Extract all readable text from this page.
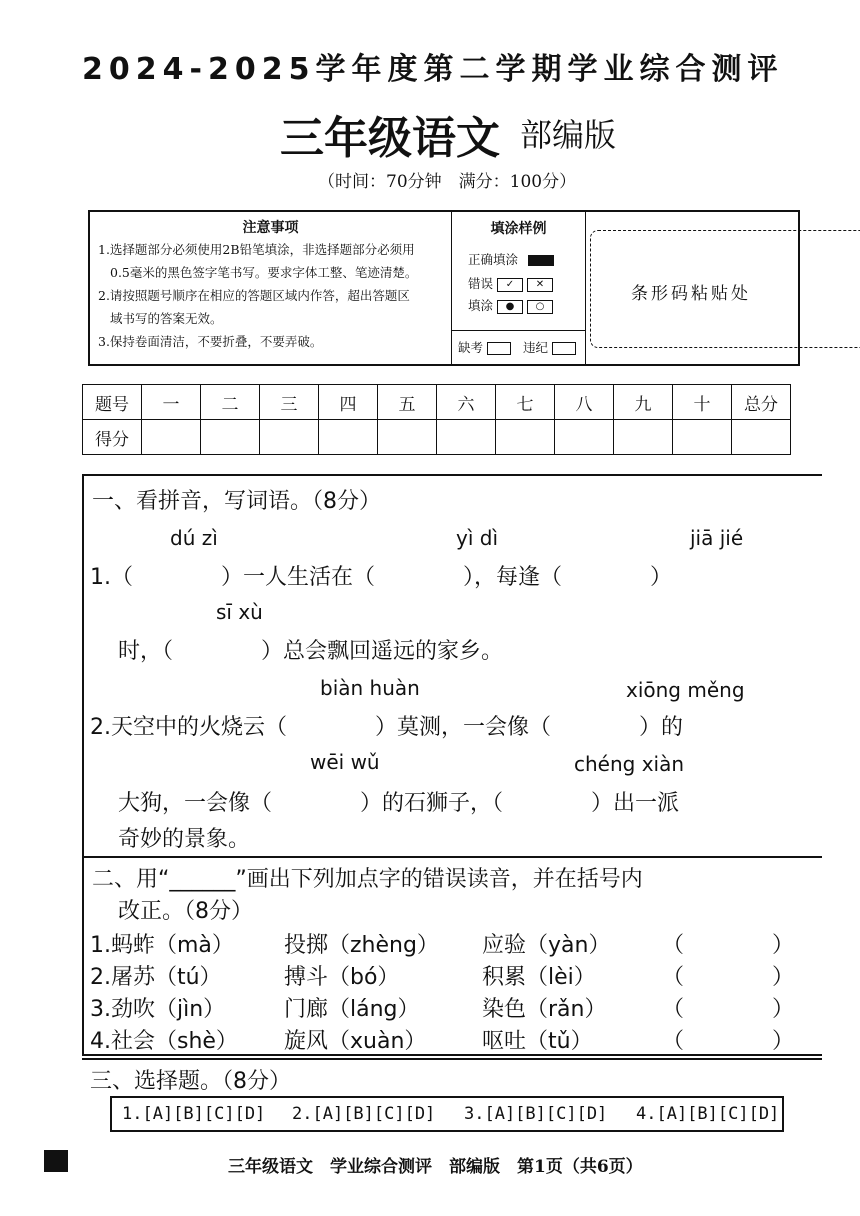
2024-2025学年度第二学期学业综合测评
三年级语文 部编版
（时间：70分钟　满分：100分）
注意事项
1.选择题部分必须使用2B铅笔填涂，非选择题部分必须用
0.5毫米的黑色签字笔书写。要求字体工整、笔迹清楚。
2.请按照题号顺序在相应的答题区域内作答，超出答题区
域书写的答案无效。
3.保持卷面清洁，不要折叠，不要弄破。
填涂样例
正确填涂
错误 ✓ ✕
填涂 ● ○
缺考	违纪
条形码粘贴处
题号	一	二	三	四	五	六	七	八	九	十	总分
得分											
一、看拼音，写词语。（8分）
dú zì	yì dì	jiā jié
1.（　　　　）一人生活在（　　　　），每逢（　　　　）
sī xù
时，（　　　　）总会飘回遥远的家乡。
biàn huàn	xiōng měng
2.天空中的火烧云（　　　　）莫测，一会像（　　　　）的
wēi wǔ	chéng xiàn
大狗，一会像（　　　　）的石狮子，（　　　　）出一派
奇妙的景象。
二、用“______”画出下列加点字的错误读音，并在括号内
改正。（8分）
1.蚂蚱（mà） 投掷（zhèng） 应验（yàn） （　　　　）
2.屠苏（tú）	搏斗（bó）	积累（lèi）	（　　　　）
3.劲吹（jìn）	门廊（láng）	染色（rǎn）	（　　　　）
4.社会（shè） 旋风（xuàn）	呕吐（tǔ）	（　　　　）
三、选择题。（8分）
1.[A][B][C][D] 2.[A][B][C][D] 3.[A][B][C][D] 4.[A][B][C][D]
三年级语文　学业综合测评　部编版　第1页（共6页）
